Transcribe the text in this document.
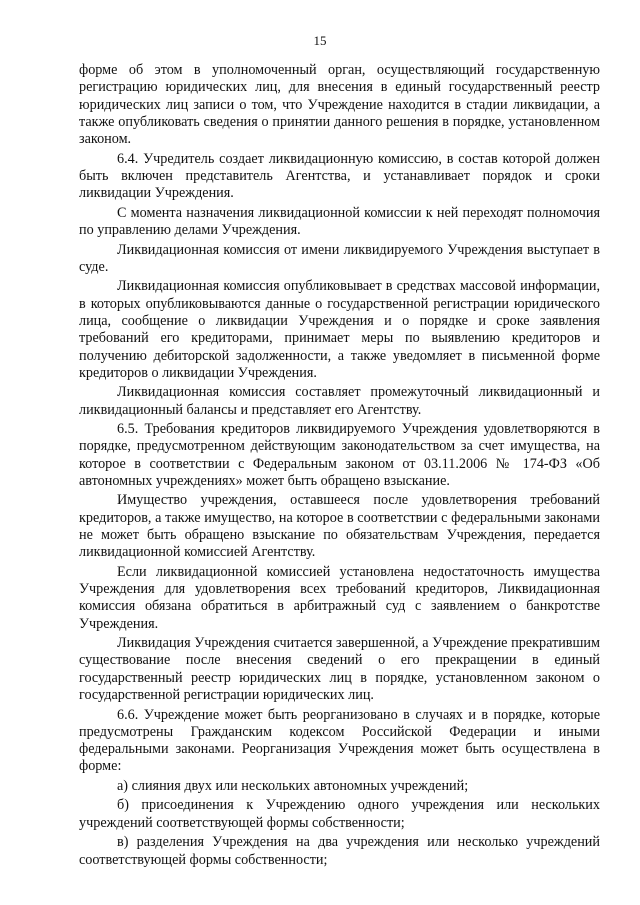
15

форме об этом в уполномоченный орган, осуществляющий государственную регистрацию юридических лиц, для внесения в единый государственный реестр юридических лиц записи о том, что Учреждение находится в стадии ликвидации, а также опубликовать сведения о принятии данного решения в порядке, установленном законом.

6.4. Учредитель создает ликвидационную комиссию, в состав которой должен быть включен представитель Агентства, и устанавливает порядок и сроки ликвидации Учреждения.

С момента назначения ликвидационной комиссии к ней переходят полномочия по управлению делами Учреждения.

Ликвидационная комиссия от имени ликвидируемого Учреждения выступает в суде.

Ликвидационная комиссия опубликовывает в средствах массовой информации, в которых опубликовываются данные о государственной регистрации юридического лица, сообщение о ликвидации Учреждения и о порядке и сроке заявления требований его кредиторами, принимает меры по выявлению кредиторов и получению дебиторской задолженности, а также уведомляет в письменной форме кредиторов о ликвидации Учреждения.

Ликвидационная комиссия составляет промежуточный ликвидационный и ликвидационный балансы и представляет его Агентству.

6.5. Требования кредиторов ликвидируемого Учреждения удовлетворяются в порядке, предусмотренном действующим законодательством за счет имущества, на которое в соответствии с Федеральным законом от 03.11.2006 № 174-ФЗ «Об автономных учреждениях» может быть обращено взыскание.

Имущество учреждения, оставшееся после удовлетворения требований кредиторов, а также имущество, на которое в соответствии с федеральными законами не может быть обращено взыскание по обязательствам Учреждения, передается ликвидационной комиссией Агентству.

Если ликвидационной комиссией установлена недостаточность имущества Учреждения для удовлетворения всех требований кредиторов, Ликвидационная комиссия обязана обратиться в арбитражный суд с заявлением о банкротстве Учреждения.

Ликвидация Учреждения считается завершенной, а Учреждение прекратившим существование после внесения сведений о его прекращении в единый государственный реестр юридических лиц в порядке, установленном законом о государственной регистрации юридических лиц.

6.6. Учреждение может быть реорганизовано в случаях и в порядке, которые предусмотрены Гражданским кодексом Российской Федерации и иными федеральными законами. Реорганизация Учреждения может быть осуществлена в форме:

а) слияния двух или нескольких автономных учреждений;

б) присоединения к Учреждению одного учреждения или нескольких учреждений соответствующей формы собственности;

в) разделения Учреждения на два учреждения или несколько учреждений соответствующей формы собственности;
